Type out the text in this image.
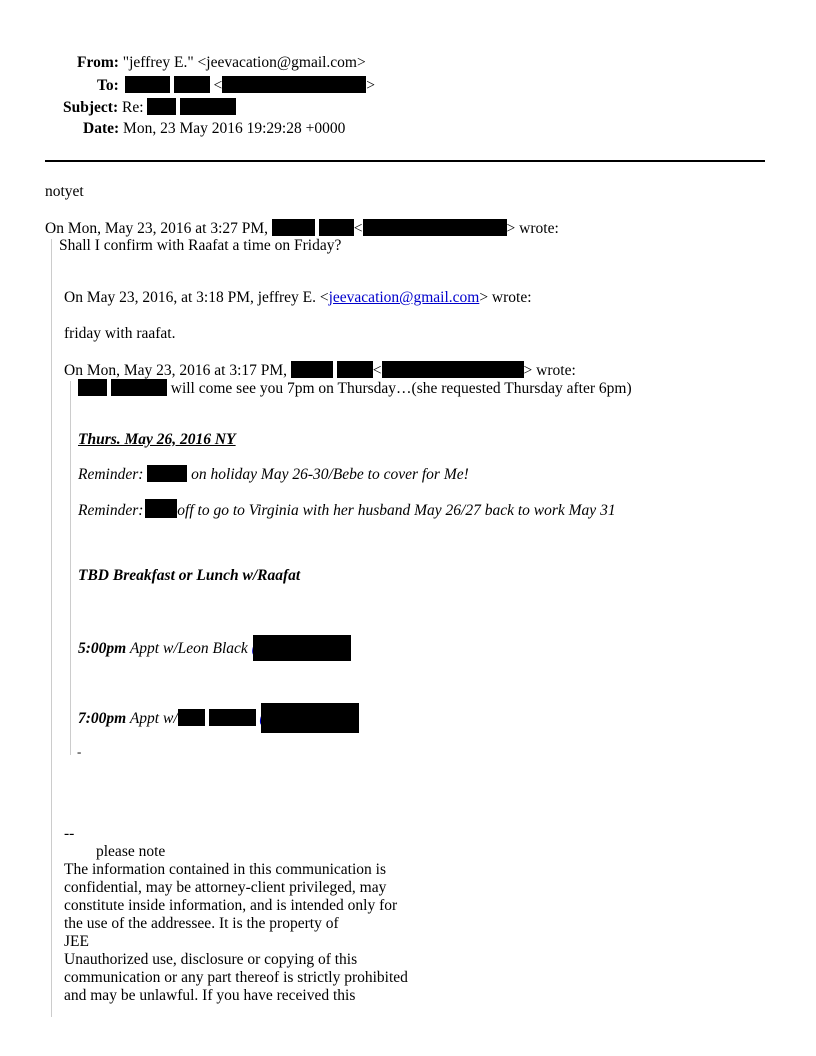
From: "jeffrey E." <jeevacation@gmail.com>
To:	<	>
Subject: Re:
Date: Mon, 23 May 2016 19:29:28 +0000
notyet
On Mon, May 23, 2016 at 3:27 PM,	<	> wrote:
Shall I confirm with Raafat a time on Friday?
On May 23, 2016, at 3:18 PM, jeffrey E. <jeevacation@gmail.com> wrote:
friday with raafat.
On Mon, May 23, 2016 at 3:17 PM,	<	> wrote:
will come see you 7pm on Thursday…(she requested Thursday after 6pm)
Thurs. May 26, 2016 NY
Reminder:	on holiday May 26-30/Bebe to cover for Me!
Reminder: off to go to Virginia with her husband May 26/27 back to work May 31
TBD Breakfast or Lunch w/Raafat
5:00pm Appt w/Leon Black
7:00pm Appt w/
-
--
please note
The information contained in this communication is
confidential, may be attorney-client privileged, may
constitute inside information, and is intended only for
the use of the addressee. It is the property of
JEE
Unauthorized use, disclosure or copying of this
communication or any part thereof is strictly prohibited
and may be unlawful. If you have received this
